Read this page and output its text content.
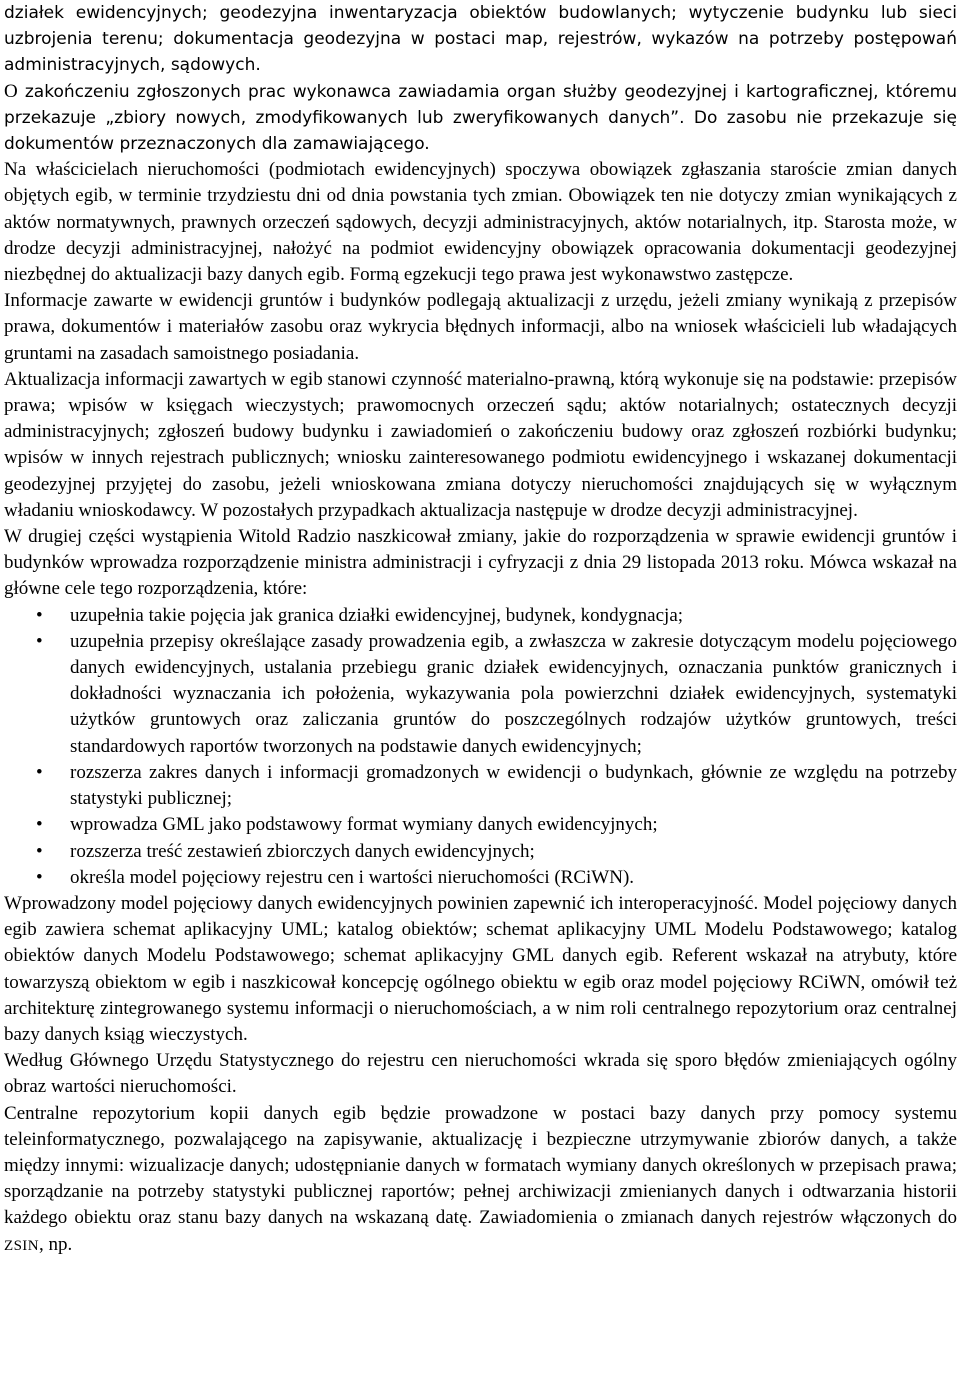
działek ewidencyjnych; geodezyjna inwentaryzacja obiektów budowlanych; wytyczenie budynku lub sieci uzbrojenia terenu; dokumentacja geodezyjna w postaci map, rejestrów, wykazów na potrzeby postępowań administracyjnych, sądowych.

O zakończeniu zgłoszonych prac wykonawca zawiadamia organ służby geodezyjnej i kartograficznej, któremu przekazuje „zbiory nowych, zmodyfikowanych lub zweryfikowanych danych”. Do zasobu nie przekazuje się dokumentów przeznaczonych dla zamawiającego.

Na właścicielach nieruchomości (podmiotach ewidencyjnych) spoczywa obowiązek zgłaszania staroście zmian danych objętych egib, w terminie trzydziestu dni od dnia powstania tych zmian. Obowiązek ten nie dotyczy zmian wynikających z aktów normatywnych, prawnych orzeczeń sądowych, decyzji administracyjnych, aktów notarialnych, itp. Starosta może, w drodze decyzji administracyjnej, nałożyć na podmiot ewidencyjny obowiązek opracowania dokumentacji geodezyjnej niezbędnej do aktualizacji bazy danych egib. Formą egzekucji tego prawa jest wykonawstwo zastępcze.

Informacje zawarte w ewidencji gruntów i budynków podlegają aktualizacji z urzędu, jeżeli zmiany wynikają z przepisów prawa, dokumentów i materiałów zasobu oraz wykrycia błędnych informacji, albo na wniosek właścicieli lub władających gruntami na zasadach samoistnego posiadania.

Aktualizacja informacji zawartych w egib stanowi czynność materialno-prawną, którą wykonuje się na podstawie: przepisów prawa; wpisów w księgach wieczystych; prawomocnych orzeczeń sądu; aktów notarialnych; ostatecznych decyzji administracyjnych; zgłoszeń budowy budynku i zawiadomień o zakończeniu budowy oraz zgłoszeń rozbiórki budynku; wpisów w innych rejestrach publicznych; wniosku zainteresowanego podmiotu ewidencyjnego i wskazanej dokumentacji geodezyjnej przyjętej do zasobu, jeżeli wnioskowana zmiana dotyczy nieruchomości znajdujących się w wyłącznym władaniu wnioskodawcy. W pozostałych przypadkach aktualizacja następuje w drodze decyzji administracyjnej.

W drugiej części wystąpienia Witold Radzio naszkicował zmiany, jakie do rozporządzenia w sprawie ewidencji gruntów i budynków wprowadza rozporządzenie ministra administracji i cyfryzacji z dnia 29 listopada 2013 roku. Mówca wskazał na główne cele tego rozporządzenia, które:

• uzupełnia takie pojęcia jak granica działki ewidencyjnej, budynek, kondygnacja;
• uzupełnia przepisy określające zasady prowadzenia egib, a zwłaszcza w zakresie dotyczącym modelu pojęciowego danych ewidencyjnych, ustalania przebiegu granic działek ewidencyjnych, oznaczania punktów granicznych i dokładności wyznaczania ich położenia, wykazywania pola powierzchni działek ewidencyjnych, systematyki użytków gruntowych oraz zaliczania gruntów do poszczególnych rodzajów użytków gruntowych, treści standardowych raportów tworzonych na podstawie danych ewidencyjnych;
• rozszerza zakres danych i informacji gromadzonych w ewidencji o budynkach, głównie ze względu na potrzeby statystyki publicznej;
• wprowadza GML jako podstawowy format wymiany danych ewidencyjnych;
• rozszerza treść zestawień zbiorczych danych ewidencyjnych;
• określa model pojęciowy rejestru cen i wartości nieruchomości (RCiWN).

Wprowadzony model pojęciowy danych ewidencyjnych powinien zapewnić ich interoperacyjność. Model pojęciowy danych egib zawiera schemat aplikacyjny UML; katalog obiektów; schemat aplikacyjny UML Modelu Podstawowego; katalog obiektów danych Modelu Podstawowego; schemat aplikacyjny GML danych egib. Referent wskazał na atrybuty, które towarzyszą obiektom w egib i naszkicował koncepcję ogólnego obiektu w egib oraz model pojęciowy RCiWN, omówił też architekturę zintegrowanego systemu informacji o nieruchomościach, a w nim roli centralnego repozytorium oraz centralnej bazy danych ksiąg wieczystych.

Według Głównego Urzędu Statystycznego do rejestru cen nieruchomości wkrada się sporo błędów zmieniających ogólny obraz wartości nieruchomości.

Centralne repozytorium kopii danych egib będzie prowadzone w postaci bazy danych przy pomocy systemu teleinformatycznego, pozwalającego na zapisywanie, aktualizację i bezpieczne utrzymywanie zbiorów danych, a także między innymi: wizualizacje danych; udostępnianie danych w formatach wymiany danych określonych w przepisach prawa; sporządzanie na potrzeby statystyki publicznej raportów; pełnej archiwizacji zmienianych danych i odtwarzania historii każdego obiektu oraz stanu bazy danych na wskazaną datę. Zawiadomienia o zmianach danych rejestrów włączonych do ZSIN, np.
